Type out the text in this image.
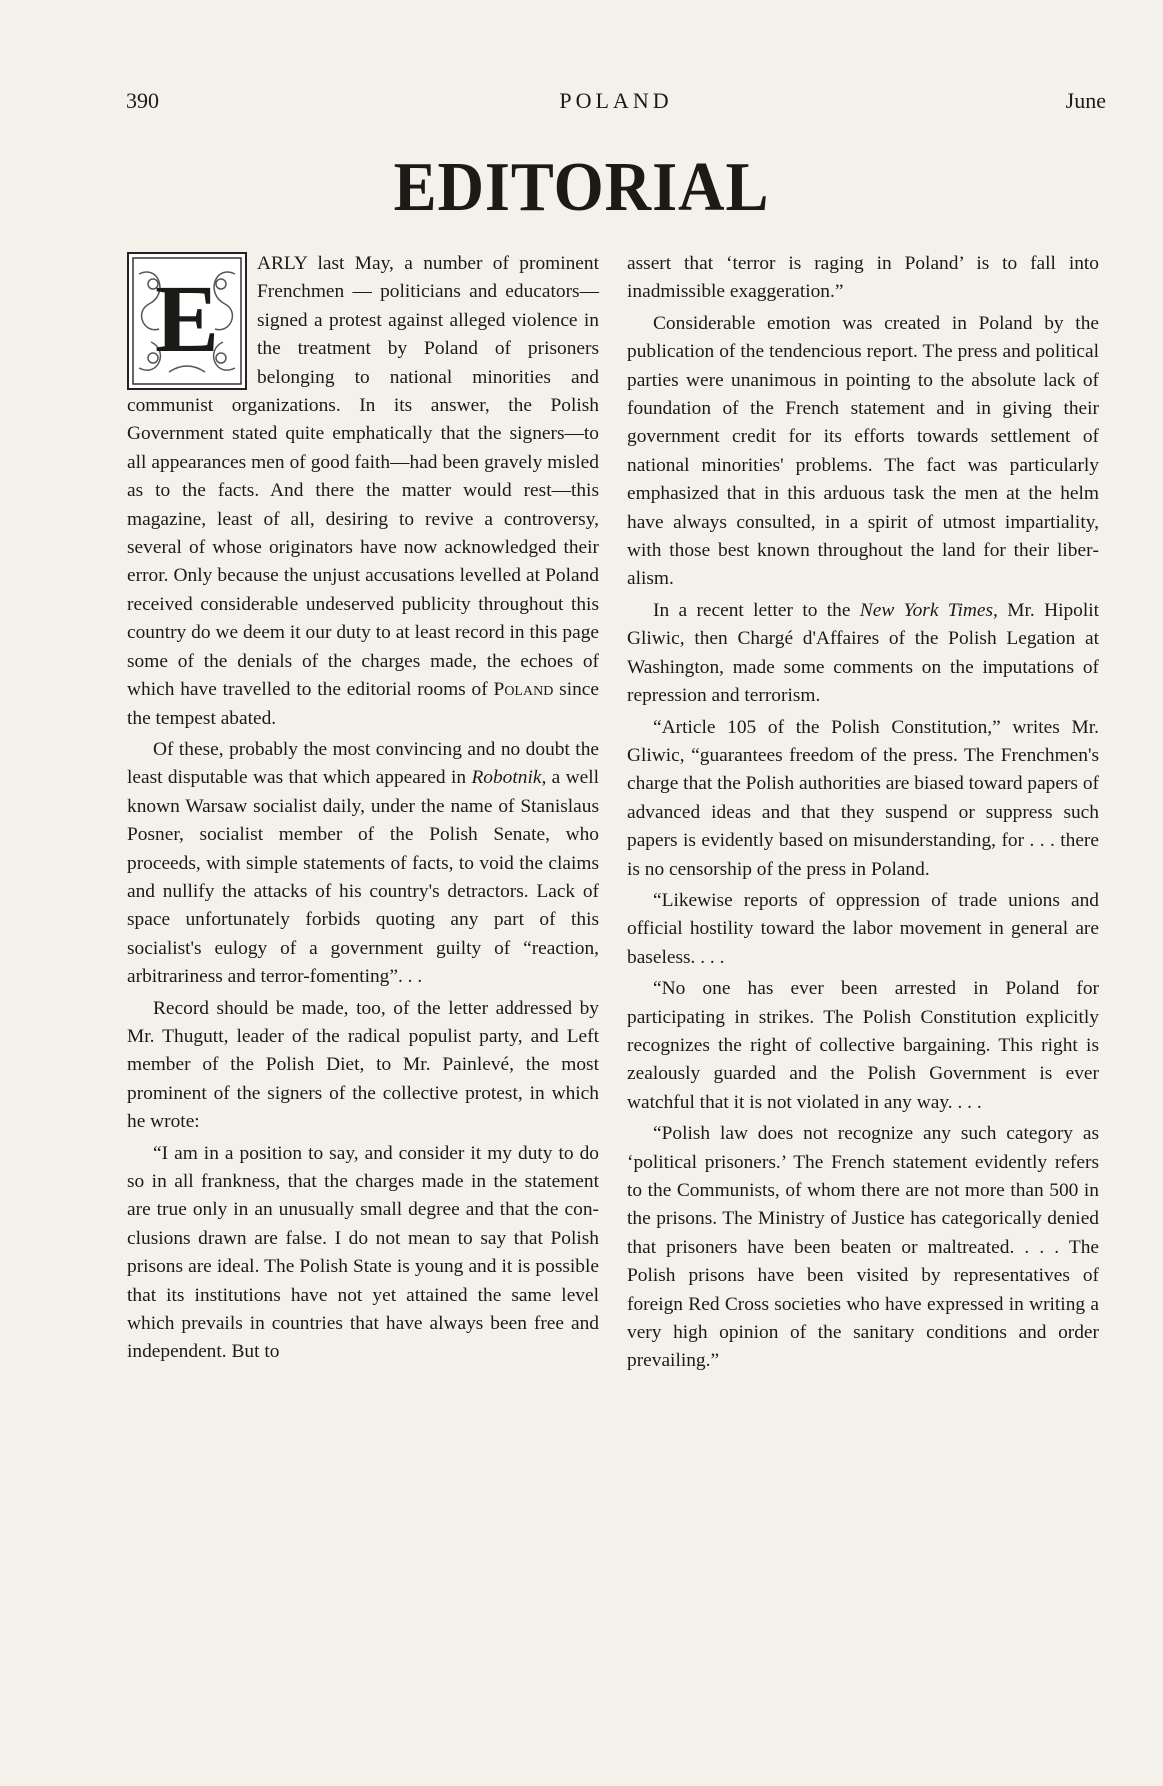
390	POLAND	June
EDITORIAL

E
ARLY last May, a number of prominent Frenchmen — politicians and educators—signed a protest against alleged violence in the treatment by Poland of prisoners belonging to national minorities and communist organizations. In its answer, the Polish Government stated quite emphatically that the signers—to all appearances men of good faith—had been gravely misled as to the facts. And there the matter would rest—this magazine, least of all, desiring to revive a controversy, several of whose originators have now acknowledged their error. Only because the unjust accusations levelled at Poland received considerable undeserved publicity throughout this country do we deem it our duty to at least record in this page some of the denials of the charges made, the echoes of which have travelled to the editorial rooms of Poland since the tempest abated.

Of these, probably the most convincing and no doubt the least disputable was that which appeared in Robotnik, a well known Warsaw socialist daily, under the name of Stanislaus Posner, socialist member of the Polish Senate, who proceeds, with simple statements of facts, to void the claims and nullify the attacks of his country's detractors. Lack of space unfortunately forbids quoting any part of this socialist's eulogy of a government guilty of “reaction, arbitrariness and terror-fomenting”. . .

Record should be made, too, of the letter addressed by Mr. Thugutt, leader of the radical populist party, and Left member of the Polish Diet, to Mr. Painlevé, the most prominent of the signers of the collective protest, in which he wrote:

“I am in a position to say, and consider it my duty to do so in all frankness, that the charges made in the statement are true only in an unusually small degree and that the conclusions drawn are false. I do not mean to say that Polish prisons are ideal. The Polish State is young and it is possible that its institutions have not yet attained the same level which prevails in countries that have always been free and independent. But to

assert that ‘terror is raging in Poland’ is to fall into inadmissible exaggeration.”

Considerable emotion was created in Poland by the publication of the tendencious report. The press and political parties were unanimous in pointing to the absolute lack of foundation of the French statement and in giving their government credit for its efforts towards settlement of national minorities' problems. The fact was particularly emphasized that in this arduous task the men at the helm have always consulted, in a spirit of utmost impartiality, with those best known throughout the land for their liberalism.

In a recent letter to the New York Times, Mr. Hipolit Gliwic, then Chargé d'Affaires of the Polish Legation at Washington, made some comments on the imputations of repression and terrorism.

“Article 105 of the Polish Constitution,” writes Mr. Gliwic, “guarantees freedom of the press. The Frenchmen's charge that the Polish authorities are biased toward papers of advanced ideas and that they suspend or suppress such papers is evidently based on misunderstanding, for . . . there is no censorship of the press in Poland.

“Likewise reports of oppression of trade unions and official hostility toward the labor movement in general are baseless. . . .

“No one has ever been arrested in Poland for participating in strikes. The Polish Constitution explicitly recognizes the right of collective bargaining. This right is zealously guarded and the Polish Government is ever watchful that it is not violated in any way. . . .

“Polish law does not recognize any such category as ‘political prisoners.’ The French statement evidently refers to the Communists, of whom there are not more than 500 in the prisons. The Ministry of Justice has categorically denied that prisoners have been beaten or maltreated. . . . The Polish prisons have been visited by representatives of foreign Red Cross societies who have expressed in writing a very high opinion of the sanitary conditions and order prevailing.”
